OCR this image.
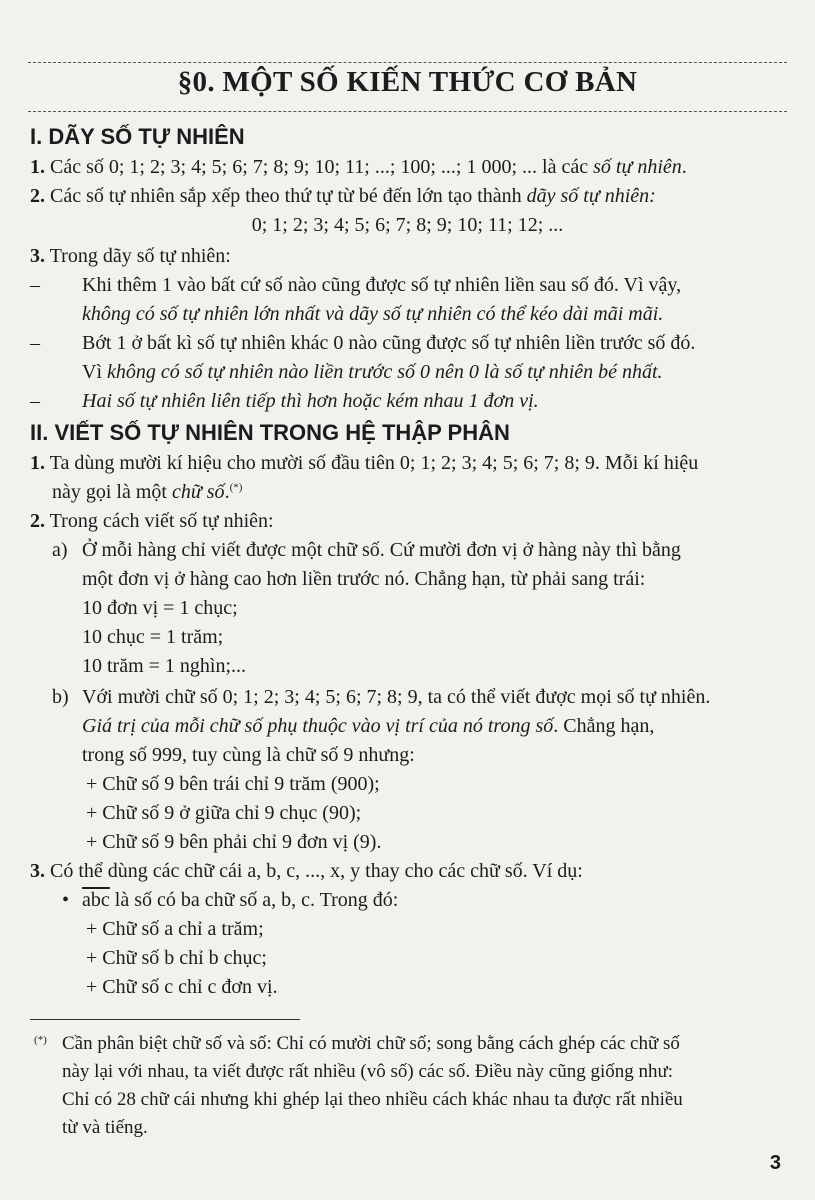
§0. MỘT SỐ KIẾN THỨC CƠ BẢN
I. DÃY SỐ TỰ NHIÊN

1. Các số 0; 1; 2; 3; 4; 5; 6; 7; 8; 9; 10; 11; ...; 100; ...; 1 000; ... là các số tự nhiên.

2. Các số tự nhiên sắp xếp theo thứ tự từ bé đến lớn tạo thành dãy số tự nhiên:

0; 1; 2; 3; 4; 5; 6; 7; 8; 9; 10; 11; 12; ...

3. Trong dãy số tự nhiên:

– Khi thêm 1 vào bất cứ số nào cũng được số tự nhiên liền sau số đó. Vì vậy,
không có số tự nhiên lớn nhất và dãy số tự nhiên có thể kéo dài mãi mãi.

– Bớt 1 ở bất kì số tự nhiên khác 0 nào cũng được số tự nhiên liền trước số đó.
Vì không có số tự nhiên nào liền trước số 0 nên 0 là số tự nhiên bé nhất.

– Hai số tự nhiên liên tiếp thì hơn hoặc kém nhau 1 đơn vị.

II. VIẾT SỐ TỰ NHIÊN TRONG HỆ THẬP PHÂN

1. Ta dùng mười kí hiệu cho mười số đầu tiên 0; 1; 2; 3; 4; 5; 6; 7; 8; 9. Mỗi kí hiệu
này gọi là một chữ số.(*)

2. Trong cách viết số tự nhiên:

a) Ở mỗi hàng chỉ viết được một chữ số. Cứ mười đơn vị ở hàng này thì bằng
một đơn vị ở hàng cao hơn liền trước nó. Chẳng hạn, từ phải sang trái:

10 đơn vị = 1 chục;

10 chục = 1 trăm;

10 trăm = 1 nghìn;...

b) Với mười chữ số 0; 1; 2; 3; 4; 5; 6; 7; 8; 9, ta có thể viết được mọi số tự nhiên.
Giá trị của mỗi chữ số phụ thuộc vào vị trí của nó trong số. Chẳng hạn,
trong số 999, tuy cùng là chữ số 9 nhưng:

+ Chữ số 9 bên trái chỉ 9 trăm (900);

+ Chữ số 9 ở giữa chỉ 9 chục (90);

+ Chữ số 9 bên phải chỉ 9 đơn vị (9).

3. Có thể dùng các chữ cái a, b, c, ..., x, y thay cho các chữ số. Ví dụ:

• $\overline{abc}$ là số có ba chữ số a, b, c. Trong đó:

+ Chữ số a chỉ a trăm;

+ Chữ số b chỉ b chục;

+ Chữ số c chỉ c đơn vị.

(*) Cần phân biệt chữ số và số: Chỉ có mười chữ số; song bằng cách ghép các chữ số
này lại với nhau, ta viết được rất nhiều (vô số) các số. Điều này cũng giống như:
Chỉ có 28 chữ cái nhưng khi ghép lại theo nhiều cách khác nhau ta được rất nhiều
từ và tiếng.

3
